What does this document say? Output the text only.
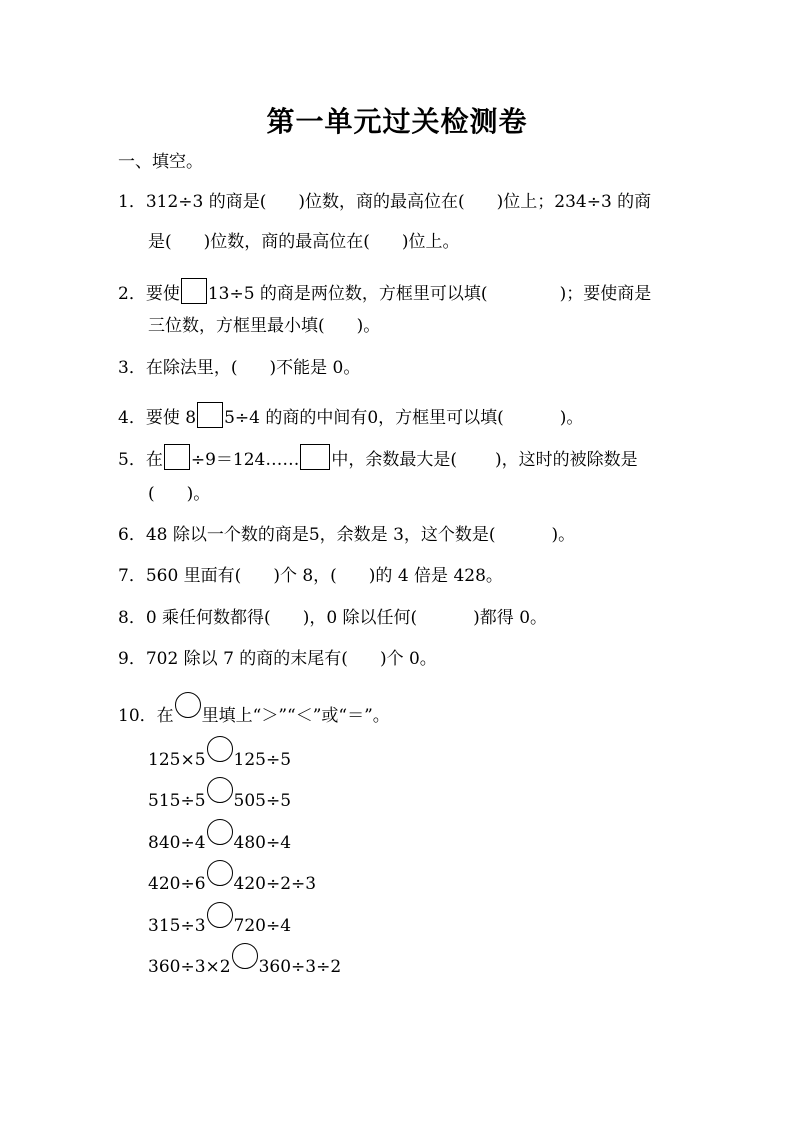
第一单元过关检测卷
一、填空。
1．312÷3 的商是( )位数，商的最高位在( )位上；234÷3 的商
是( )位数，商的最高位在( )位上。
2．要使 13÷5 的商是两位数，方框里可以填(	)；要使商是
三位数，方框里最小填( )。
3．在除法里，( )不能是 0。
4．要使 8 5÷4 的商的中间有0，方框里可以填(	)。
5．在 ÷9＝124…… 中，余数最大是( )，这时的被除数是
( )。
6．48 除以一个数的商是5，余数是 3，这个数是(	)。
7．560 里面有( )个 8，( )的 4 倍是 428。
8．0 乘任何数都得( )，0 除以任何(	)都得 0。
9．702 除以 7 的商的末尾有( )个 0。
10．在 里填上“＞”“＜”或“＝”。
125×5 125÷5
515÷5 505÷5
840÷4 480÷4
420÷6 420÷2÷3
315÷3 720÷4
360÷3×2 360÷3÷2
